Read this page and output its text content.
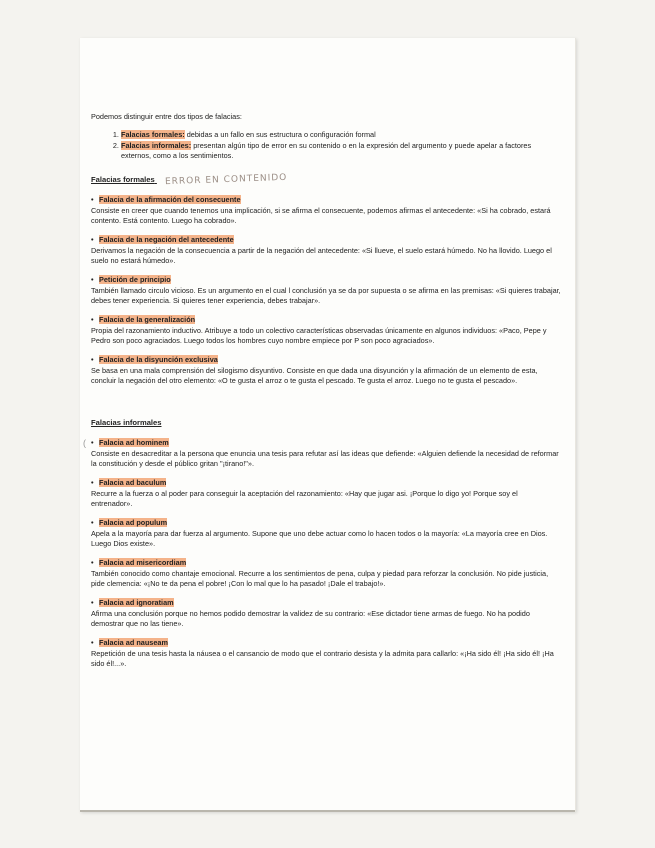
Podemos distinguir entre dos tipos de falacias:
1. Falacias formales: debidas a un fallo en sus estructura o configuración formal
2. Falacias informales: presentan algún tipo de error en su contenido o en la expresión del argumento y puede apelar a factores externos, como a los sentimientos.
Falacias formales ERROR EN CONTENIDO
• Falacia de la afirmación del consecuente
Consiste en creer que cuando tenemos una implicación, si se afirma el consecuente, podemos afirmas el antecedente: «Si ha cobrado, estará contento. Está contento. Luego ha cobrado».
• Falacia de la negación del antecedente
Derivamos la negación de la consecuencia a partir de la negación del antecedente: «Si llueve, el suelo estará húmedo. No ha llovido. Luego el suelo no estará húmedo».
• Petición de principio
También llamado circulo vicioso. Es un argumento en el cual l conclusión ya se da por supuesta o se afirma en las premisas: «Si quieres trabajar, debes tener experiencia. Si quieres tener experiencia, debes trabajar».
• Falacia de la generalización
Propia del razonamiento inductivo. Atribuye a todo un colectivo características observadas únicamente en algunos individuos: «Paco, Pepe y Pedro son poco agraciados. Luego todos los hombres cuyo nombre empiece por P son poco agraciados».
• Falacia de la disyunción exclusiva
Se basa en una mala comprensión del silogismo disyuntivo. Consiste en que dada una disyunción y la afirmación de un elemento de esta, concluir la negación del otro elemento: «O te gusta el arroz o te gusta el pescado. Te gusta el arroz. Luego no te gusta el pescado».
Falacias informales
( • Falacia ad hominem
Consiste en desacreditar a la persona que enuncia una tesis para refutar así las ideas que defiende: «Alguien defiende la necesidad de reformar la constitución y desde el público gritan "¡tirano!"».
• Falacia ad baculum
Recurre a la fuerza o al poder para conseguir la aceptación del razonamiento: «Hay que jugar asi. ¡Porque lo digo yo! Porque soy el entrenador».
• Falacia ad populum
Apela a la mayoría para dar fuerza al argumento. Supone que uno debe actuar como lo hacen todos o la mayoría: «La mayoría cree en Dios. Luego Dios existe».
• Falacia ad misericordiam
También conocido como chantaje emocional. Recurre a los sentimientos de pena, culpa y piedad para reforzar la conclusión. No pide justicia, pide clemencia: «¡No te da pena el pobre! ¡Con lo mal que lo ha pasado! ¡Dale el trabajo!».
• Falacia ad ignoratiam
Afirma una conclusión porque no hemos podido demostrar la validez de su contrario: «Ese dictador tiene armas de fuego. No ha podido demostrar que no las tiene».
• Falacia ad nauseam
Repetición de una tesis hasta la náusea o el cansancio de modo que el contrario desista y la admita para callarlo: «¡Ha sido él! ¡Ha sido él! ¡Ha sido él!...».
